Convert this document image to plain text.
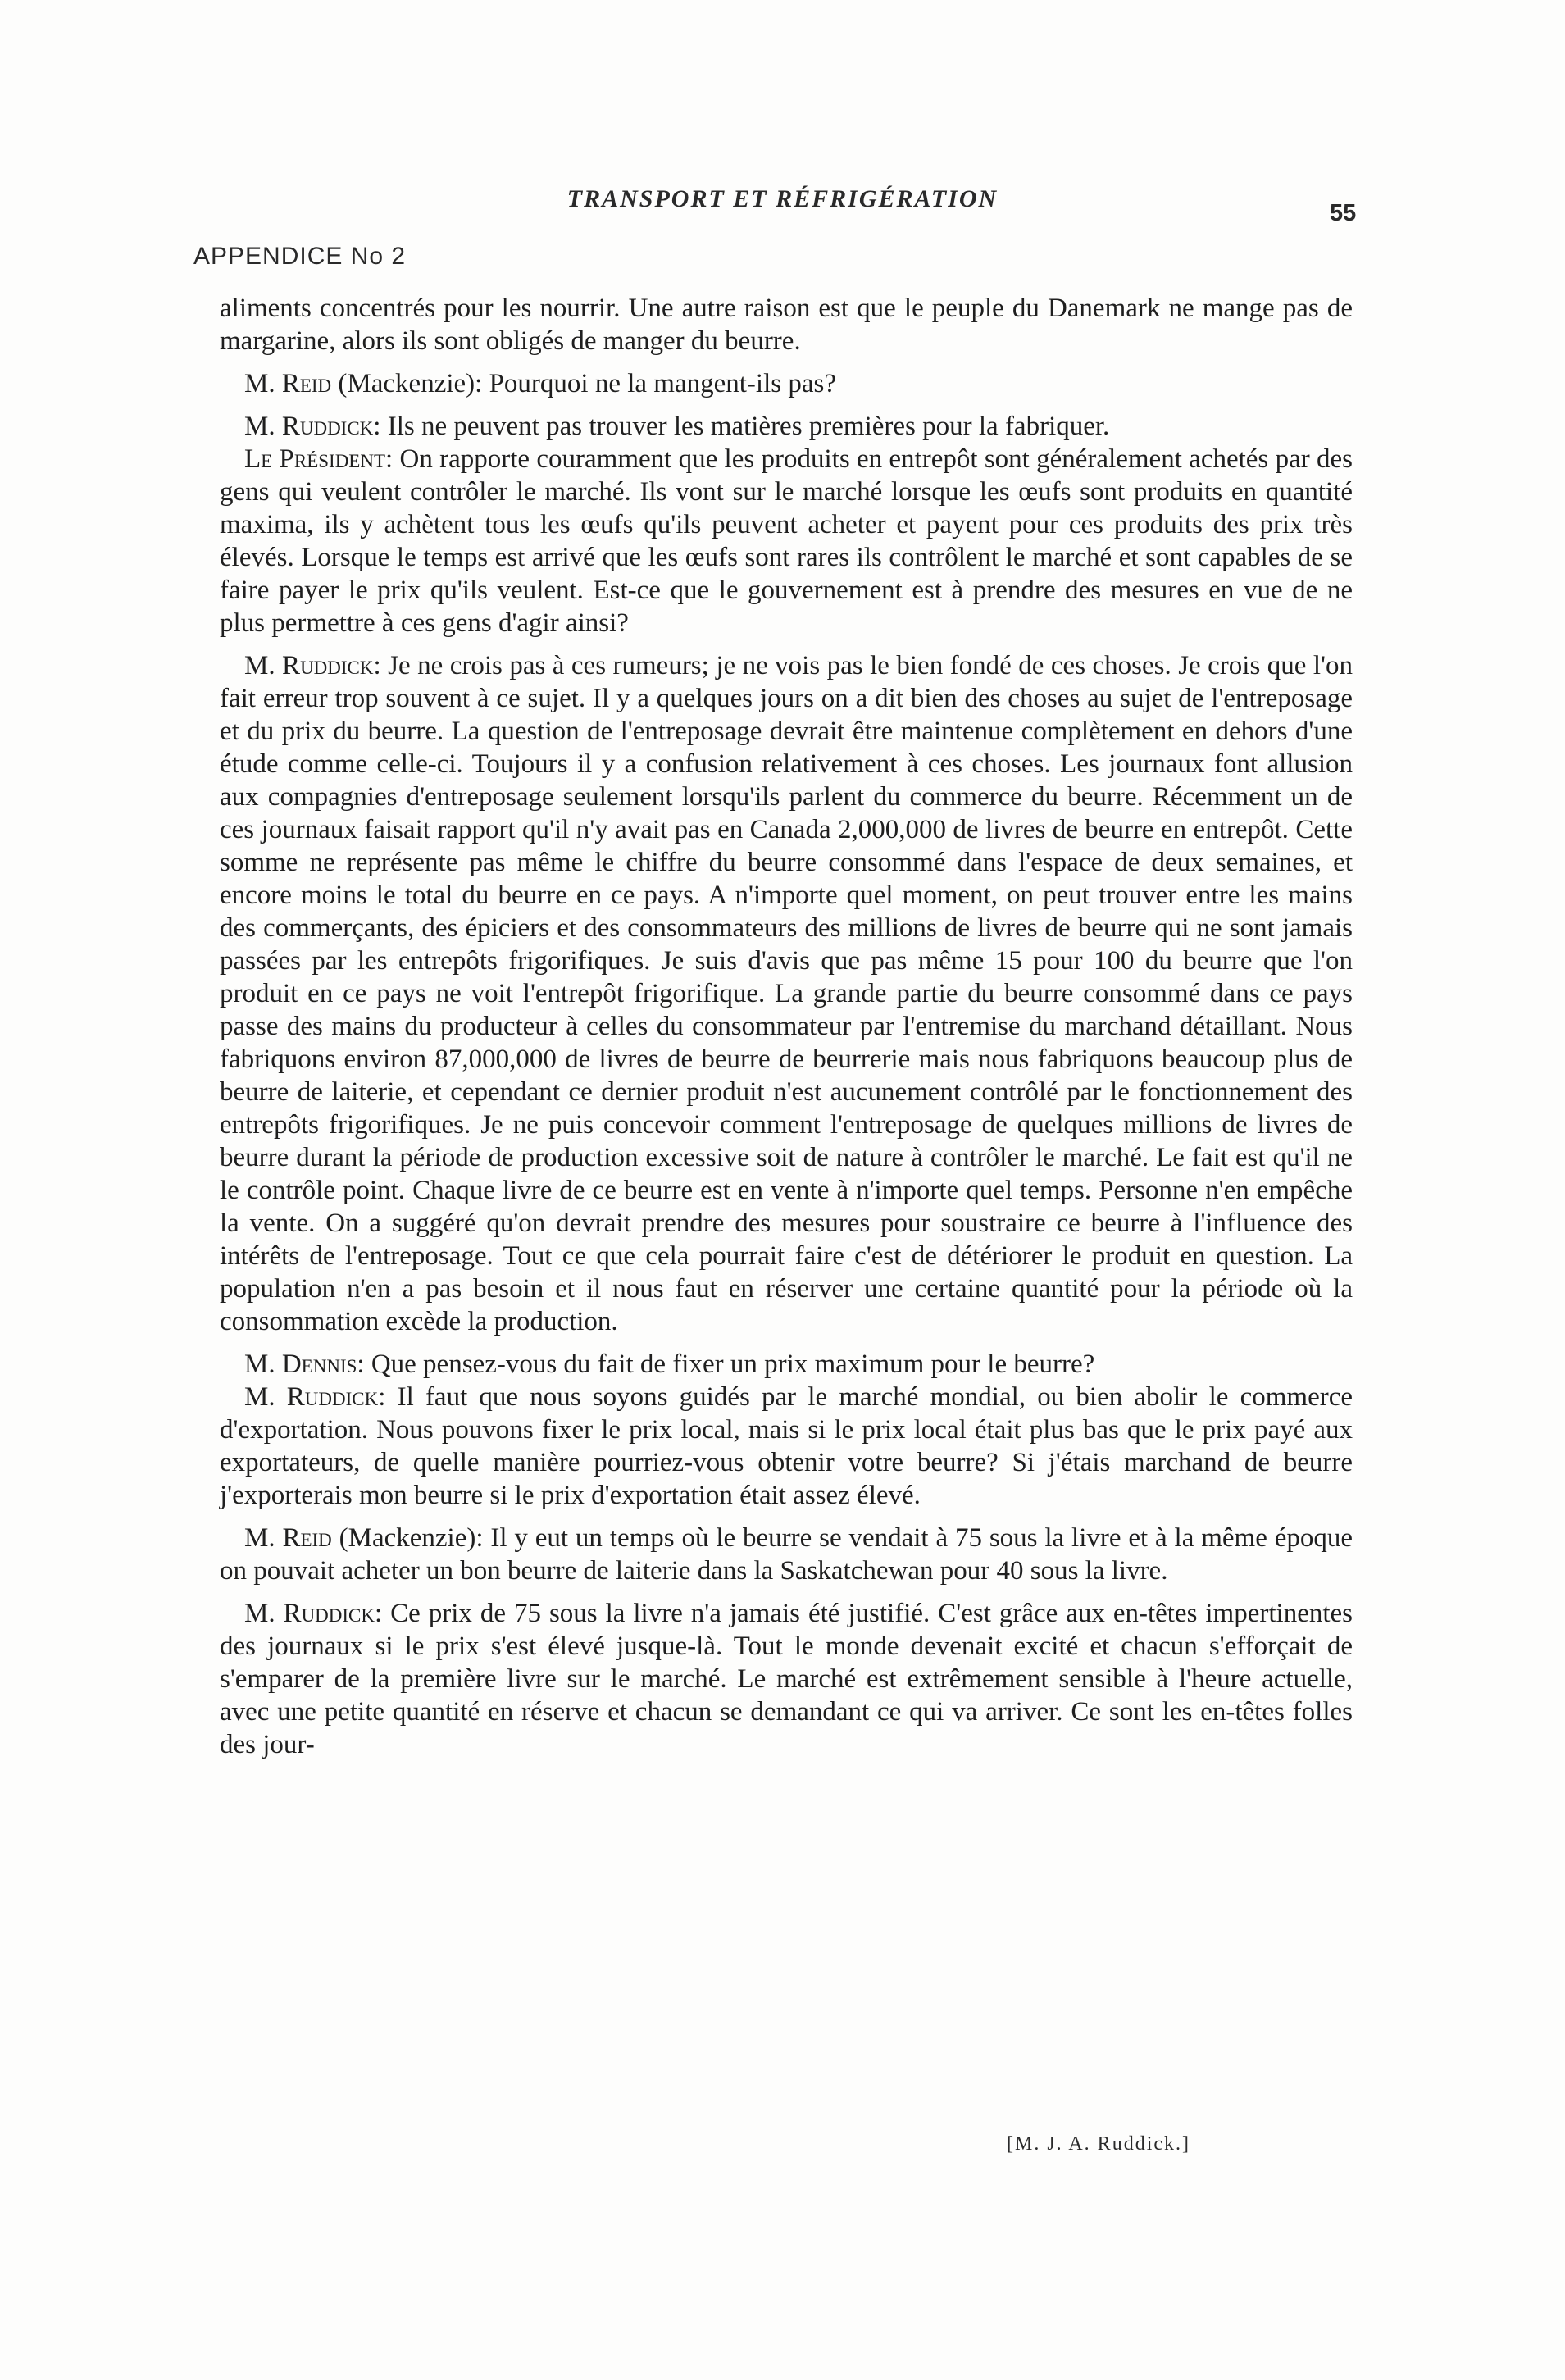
TRANSPORT ET RÉFRIGÉRATION
55
APPENDICE No 2

aliments concentrés pour les nourrir. Une autre raison est que le peuple du Danemark ne mange pas de margarine, alors ils sont obligés de manger du beurre.

M. Reid (Mackenzie): Pourquoi ne la mangent-ils pas?

M. Ruddick: Ils ne peuvent pas trouver les matières premières pour la fabriquer.

Le Président: On rapporte couramment que les produits en entrepôt sont généralement achetés par des gens qui veulent contrôler le marché. Ils vont sur le marché lorsque les œufs sont produits en quantité maxima, ils y achètent tous les œufs qu'ils peuvent acheter et payent pour ces produits des prix très élevés. Lorsque le temps est arrivé que les œufs sont rares ils contrôlent le marché et sont capables de se faire payer le prix qu'ils veulent. Est-ce que le gouvernement est à prendre des mesures en vue de ne plus permettre à ces gens d'agir ainsi?

M. Ruddick: Je ne crois pas à ces rumeurs; je ne vois pas le bien fondé de ces choses. Je crois que l'on fait erreur trop souvent à ce sujet. Il y a quelques jours on a dit bien des choses au sujet de l'entreposage et du prix du beurre. La question de l'entreposage devrait être maintenue complètement en dehors d'une étude comme celle-ci. Toujours il y a confusion relativement à ces choses. Les journaux font allusion aux compagnies d'entreposage seulement lorsqu'ils parlent du commerce du beurre. Récemment un de ces journaux faisait rapport qu'il n'y avait pas en Canada 2,000,000 de livres de beurre en entrepôt. Cette somme ne représente pas même le chiffre du beurre consommé dans l'espace de deux semaines, et encore moins le total du beurre en ce pays. A n'importe quel moment, on peut trouver entre les mains des commerçants, des épiciers et des consommateurs des millions de livres de beurre qui ne sont jamais passées par les entrepôts frigorifiques. Je suis d'avis que pas même 15 pour 100 du beurre que l'on produit en ce pays ne voit l'entrepôt frigorifique. La grande partie du beurre consommé dans ce pays passe des mains du producteur à celles du consommateur par l'entremise du marchand détaillant. Nous fabriquons environ 87,000,000 de livres de beurre de beurrerie mais nous fabriquons beaucoup plus de beurre de laiterie, et cependant ce dernier produit n'est aucunement contrôlé par le fonctionnement des entrepôts frigorifiques. Je ne puis concevoir comment l'entreposage de quelques millions de livres de beurre durant la période de production excessive soit de nature à contrôler le marché. Le fait est qu'il ne le contrôle point. Chaque livre de ce beurre est en vente à n'importe quel temps. Personne n'en empêche la vente. On a suggéré qu'on devrait prendre des mesures pour soustraire ce beurre à l'influence des intérêts de l'entreposage. Tout ce que cela pourrait faire c'est de détériorer le produit en question. La population n'en a pas besoin et il nous faut en réserver une certaine quantité pour la période où la consommation excède la production.

M. Dennis: Que pensez-vous du fait de fixer un prix maximum pour le beurre?

M. Ruddick: Il faut que nous soyons guidés par le marché mondial, ou bien abolir le commerce d'exportation. Nous pouvons fixer le prix local, mais si le prix local était plus bas que le prix payé aux exportateurs, de quelle manière pourriez-vous obtenir votre beurre? Si j'étais marchand de beurre j'exporterais mon beurre si le prix d'exportation était assez élevé.

M. Reid (Mackenzie): Il y eut un temps où le beurre se vendait à 75 sous la livre et à la même époque on pouvait acheter un bon beurre de laiterie dans la Saskatchewan pour 40 sous la livre.

M. Ruddick: Ce prix de 75 sous la livre n'a jamais été justifié. C'est grâce aux en-têtes impertinentes des journaux si le prix s'est élevé jusque-là. Tout le monde devenait excité et chacun s'efforçait de s'emparer de la première livre sur le marché. Le marché est extrêmement sensible à l'heure actuelle, avec une petite quantité en réserve et chacun se demandant ce qui va arriver. Ce sont les en-têtes folles des jour-

[M. J. A. Ruddick.]
